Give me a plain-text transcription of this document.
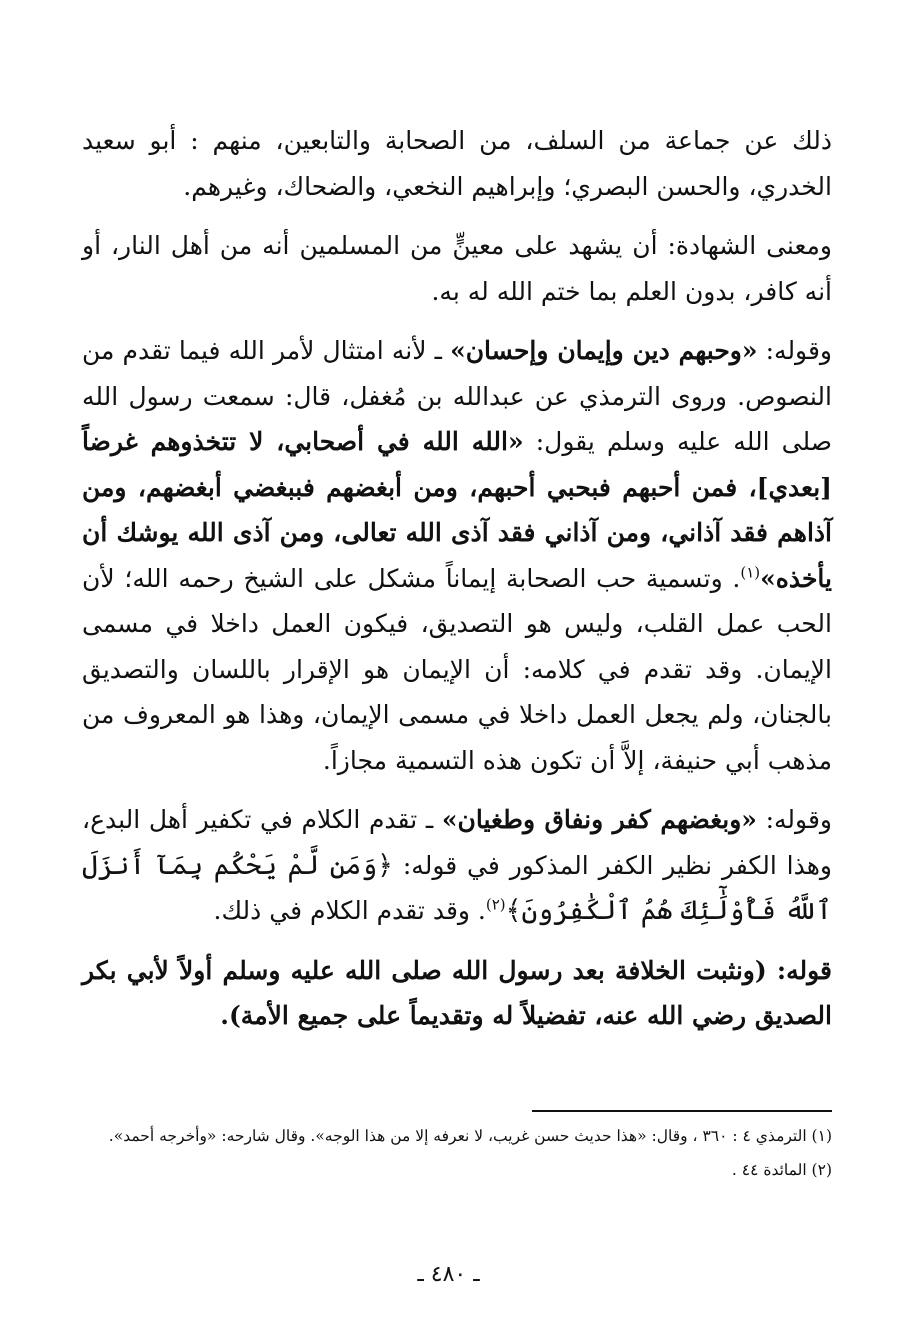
ذلك عن جماعة من السلف، من الصحابة والتابعين، منهم : أبو سعيد الخدري، والحسن البصري؛ وإبراهيم النخعي، والضحاك، وغيرهم.

ومعنى الشهادة: أن يشهد على معينٍّ من المسلمين أنه من أهل النار، أو أنه كافر، بدون العلم بما ختم الله له به.

وقوله: «وحبهم دين وإيمان وإحسان» ـ لأنه امتثال لأمر الله فيما تقدم من النصوص. وروى الترمذي عن عبدالله بن مُغفل، قال: سمعت رسول الله صلى الله عليه وسلم يقول: «الله الله في أصحابي، لا تتخذوهم غرضاً [بعدي]، فمن أحبهم فبحبي أحبهم، ومن أبغضهم فببغضي أبغضهم، ومن آذاهم فقد آذاني، ومن آذاني فقد آذى الله تعالى، ومن آذى الله يوشك أن يأخذه»$^{(١)}$. وتسمية حب الصحابة إيماناً مشكل على الشيخ رحمه الله؛ لأن الحب عمل القلب، وليس هو التصديق، فيكون العمل داخلا في مسمى الإيمان. وقد تقدم في كلامه: أن الإيمان هو الإقرار باللسان والتصديق بالجنان، ولم يجعل العمل داخلا في مسمى الإيمان، وهذا هو المعروف من مذهب أبي حنيفة، إلاَّ أن تكون هذه التسمية مجازاً.

وقوله: «وبغضهم كفر ونفاق وطغيان» ـ تقدم الكلام في تكفير أهل البدع، وهذا الكفر نظير الكفر المذكور في قوله: ﴿وَمَن لَّمْ يَحْكُم بِمَآ أَنزَلَ ٱللَّهُ فَأُوْلَٰٓئِكَ هُمُ ٱلْكَٰفِرُونَ﴾$^{(٢)}$. وقد تقدم الكلام في ذلك.

قوله: (ونثبت الخلافة بعد رسول الله صلى الله عليه وسلم أولاً لأبي بكر الصديق رضي الله عنه، تفضيلاً له وتقديماً على جميع الأمة).

(١) الترمذي ٤ : ٣٦٠ ، وقال: «هذا حديث حسن غريب، لا نعرفه إلا من هذا الوجه». وقال شارحه: «وأخرجه أحمد».

(٢) المائدة ٤٤ .

ـ ٤٨٠ ـ
